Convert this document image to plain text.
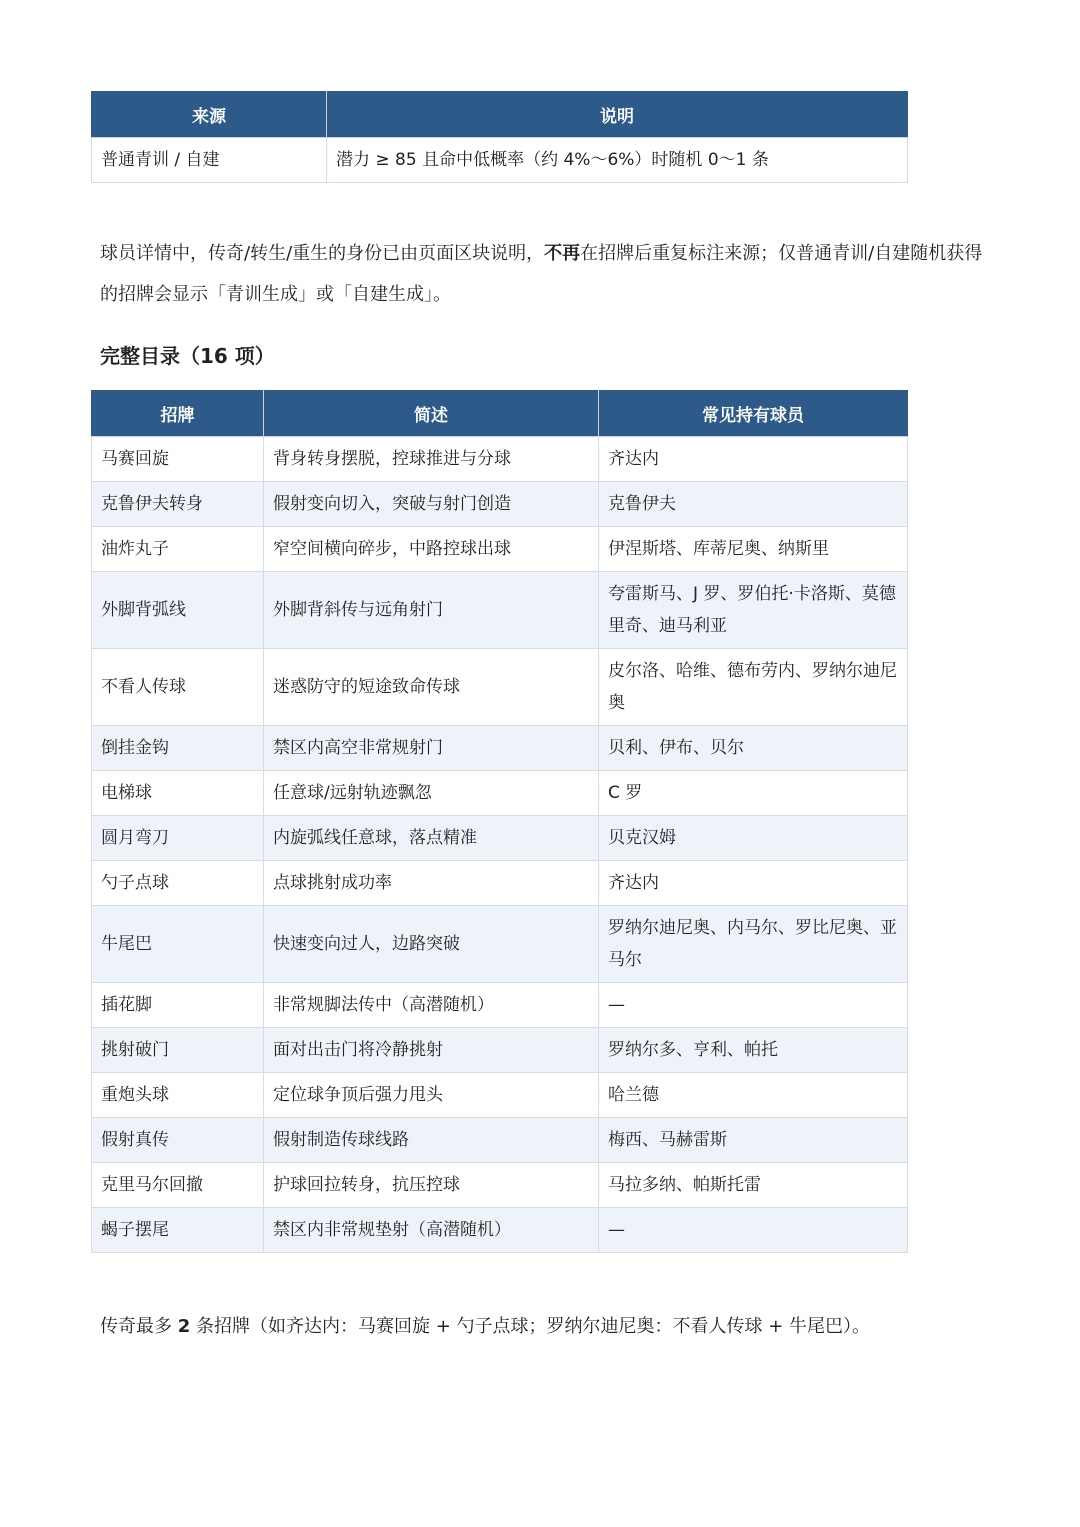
来源	说明
普通青训 / 自建	潜力 ≥ 85 且命中低概率（约 4%～6%）时随机 0～1 条
球员详情中，传奇/转生/重生的身份已由页面区块说明，不再在招牌后重复标注来源；仅普通青训/自建随机获得的招牌会显示「青训生成」或「自建生成」。
完整目录（16 项）
招牌	简述	常见持有球员
马赛回旋	背身转身摆脱，控球推进与分球	齐达内
克鲁伊夫转身	假射变向切入，突破与射门创造	克鲁伊夫
油炸丸子	窄空间横向碎步，中路控球出球	伊涅斯塔、库蒂尼奥、纳斯里
外脚背弧线	外脚背斜传与远角射门	夸雷斯马、J 罗、罗伯托·卡洛斯、莫德里奇、迪马利亚
不看人传球	迷惑防守的短途致命传球	皮尔洛、哈维、德布劳内、罗纳尔迪尼奥
倒挂金钩	禁区内高空非常规射门	贝利、伊布、贝尔
电梯球	任意球/远射轨迹飘忽	C 罗
圆月弯刀	内旋弧线任意球，落点精准	贝克汉姆
勺子点球	点球挑射成功率	齐达内
牛尾巴	快速变向过人，边路突破	罗纳尔迪尼奥、内马尔、罗比尼奥、亚马尔
插花脚	非常规脚法传中（高潜随机）	—
挑射破门	面对出击门将冷静挑射	罗纳尔多、亨利、帕托
重炮头球	定位球争顶后强力甩头	哈兰德
假射真传	假射制造传球线路	梅西、马赫雷斯
克里马尔回撤	护球回拉转身，抗压控球	马拉多纳、帕斯托雷
蝎子摆尾	禁区内非常规垫射（高潜随机）	—
传奇最多 2 条招牌（如齐达内：马赛回旋 + 勺子点球；罗纳尔迪尼奥：不看人传球 + 牛尾巴）。
